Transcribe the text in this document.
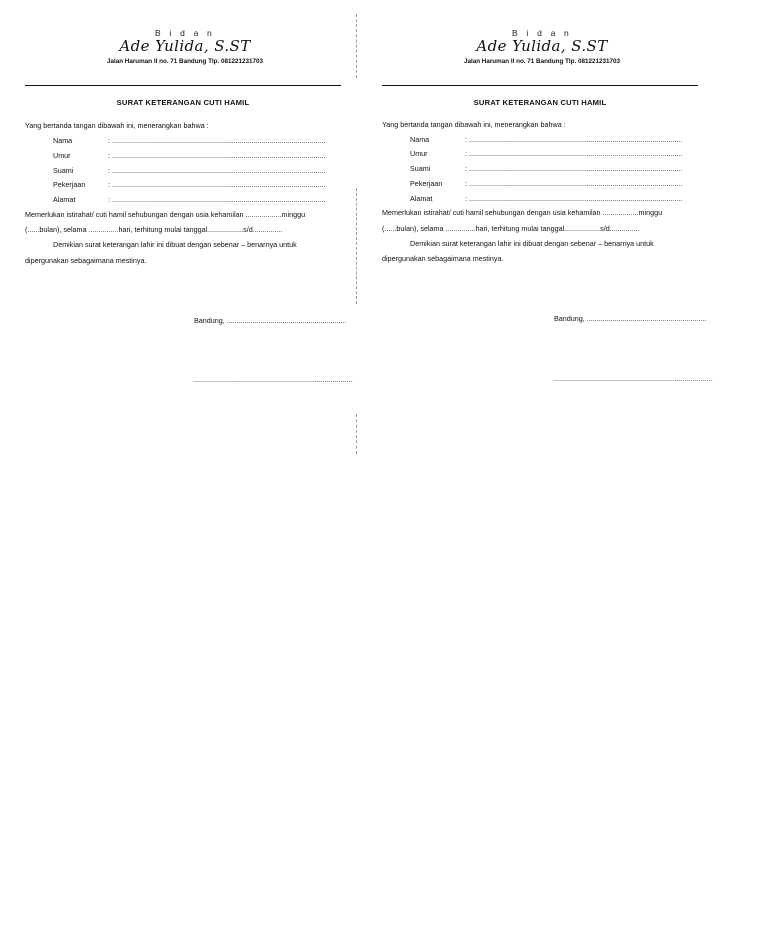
B i d a n
Ade Yulida, S.ST
Jalan Haruman II no. 71 Bandung Tlp. 081221231703
SURAT KETERANGAN CUTI HAMIL
Yang bertanda tangan dibawah ini, menerangkan bahwa :
Nama	: ...........................................................................................................
Umur	: ...........................................................................................................
Suami	: ...........................................................................................................
Pekerjaan	: ...........................................................................................................
Alamat	: ...........................................................................................................
Memerlukan istirahat/ cuti hamil sehubungan dengan usia kehamilan ..................minggu
(......bulan), selama ...............hari, terhitung mulai tanggal..................s/d...............
Demikian surat keterangan lahir ini dibuat dengan sebenar – benarnya untuk
dipergunakan sebagaimana mestinya.
Bandung, ............................................................
................................................................................
B i d a n
Ade Yulida, S.ST
Jalan Haruman II no. 71 Bandung Tlp. 081221231703
SURAT KETERANGAN CUTI HAMIL
Yang bertanda tangan dibawah ini, menerangkan bahwa :
Nama	: ...........................................................................................................
Umur	: ...........................................................................................................
Suami	: ...........................................................................................................
Pekerjaan	: ...........................................................................................................
Alamat	: ...........................................................................................................
Memerlukan istirahat/ cuti hamil sehubungan dengan usia kehamilan ..................minggu
(......bulan), selama ...............hari, terhitung mulai tanggal..................s/d...............
Demikian surat keterangan lahir ini dibuat dengan sebenar – benarnya untuk
dipergunakan sebagaimana mestinya.
Bandung, ............................................................
................................................................................
